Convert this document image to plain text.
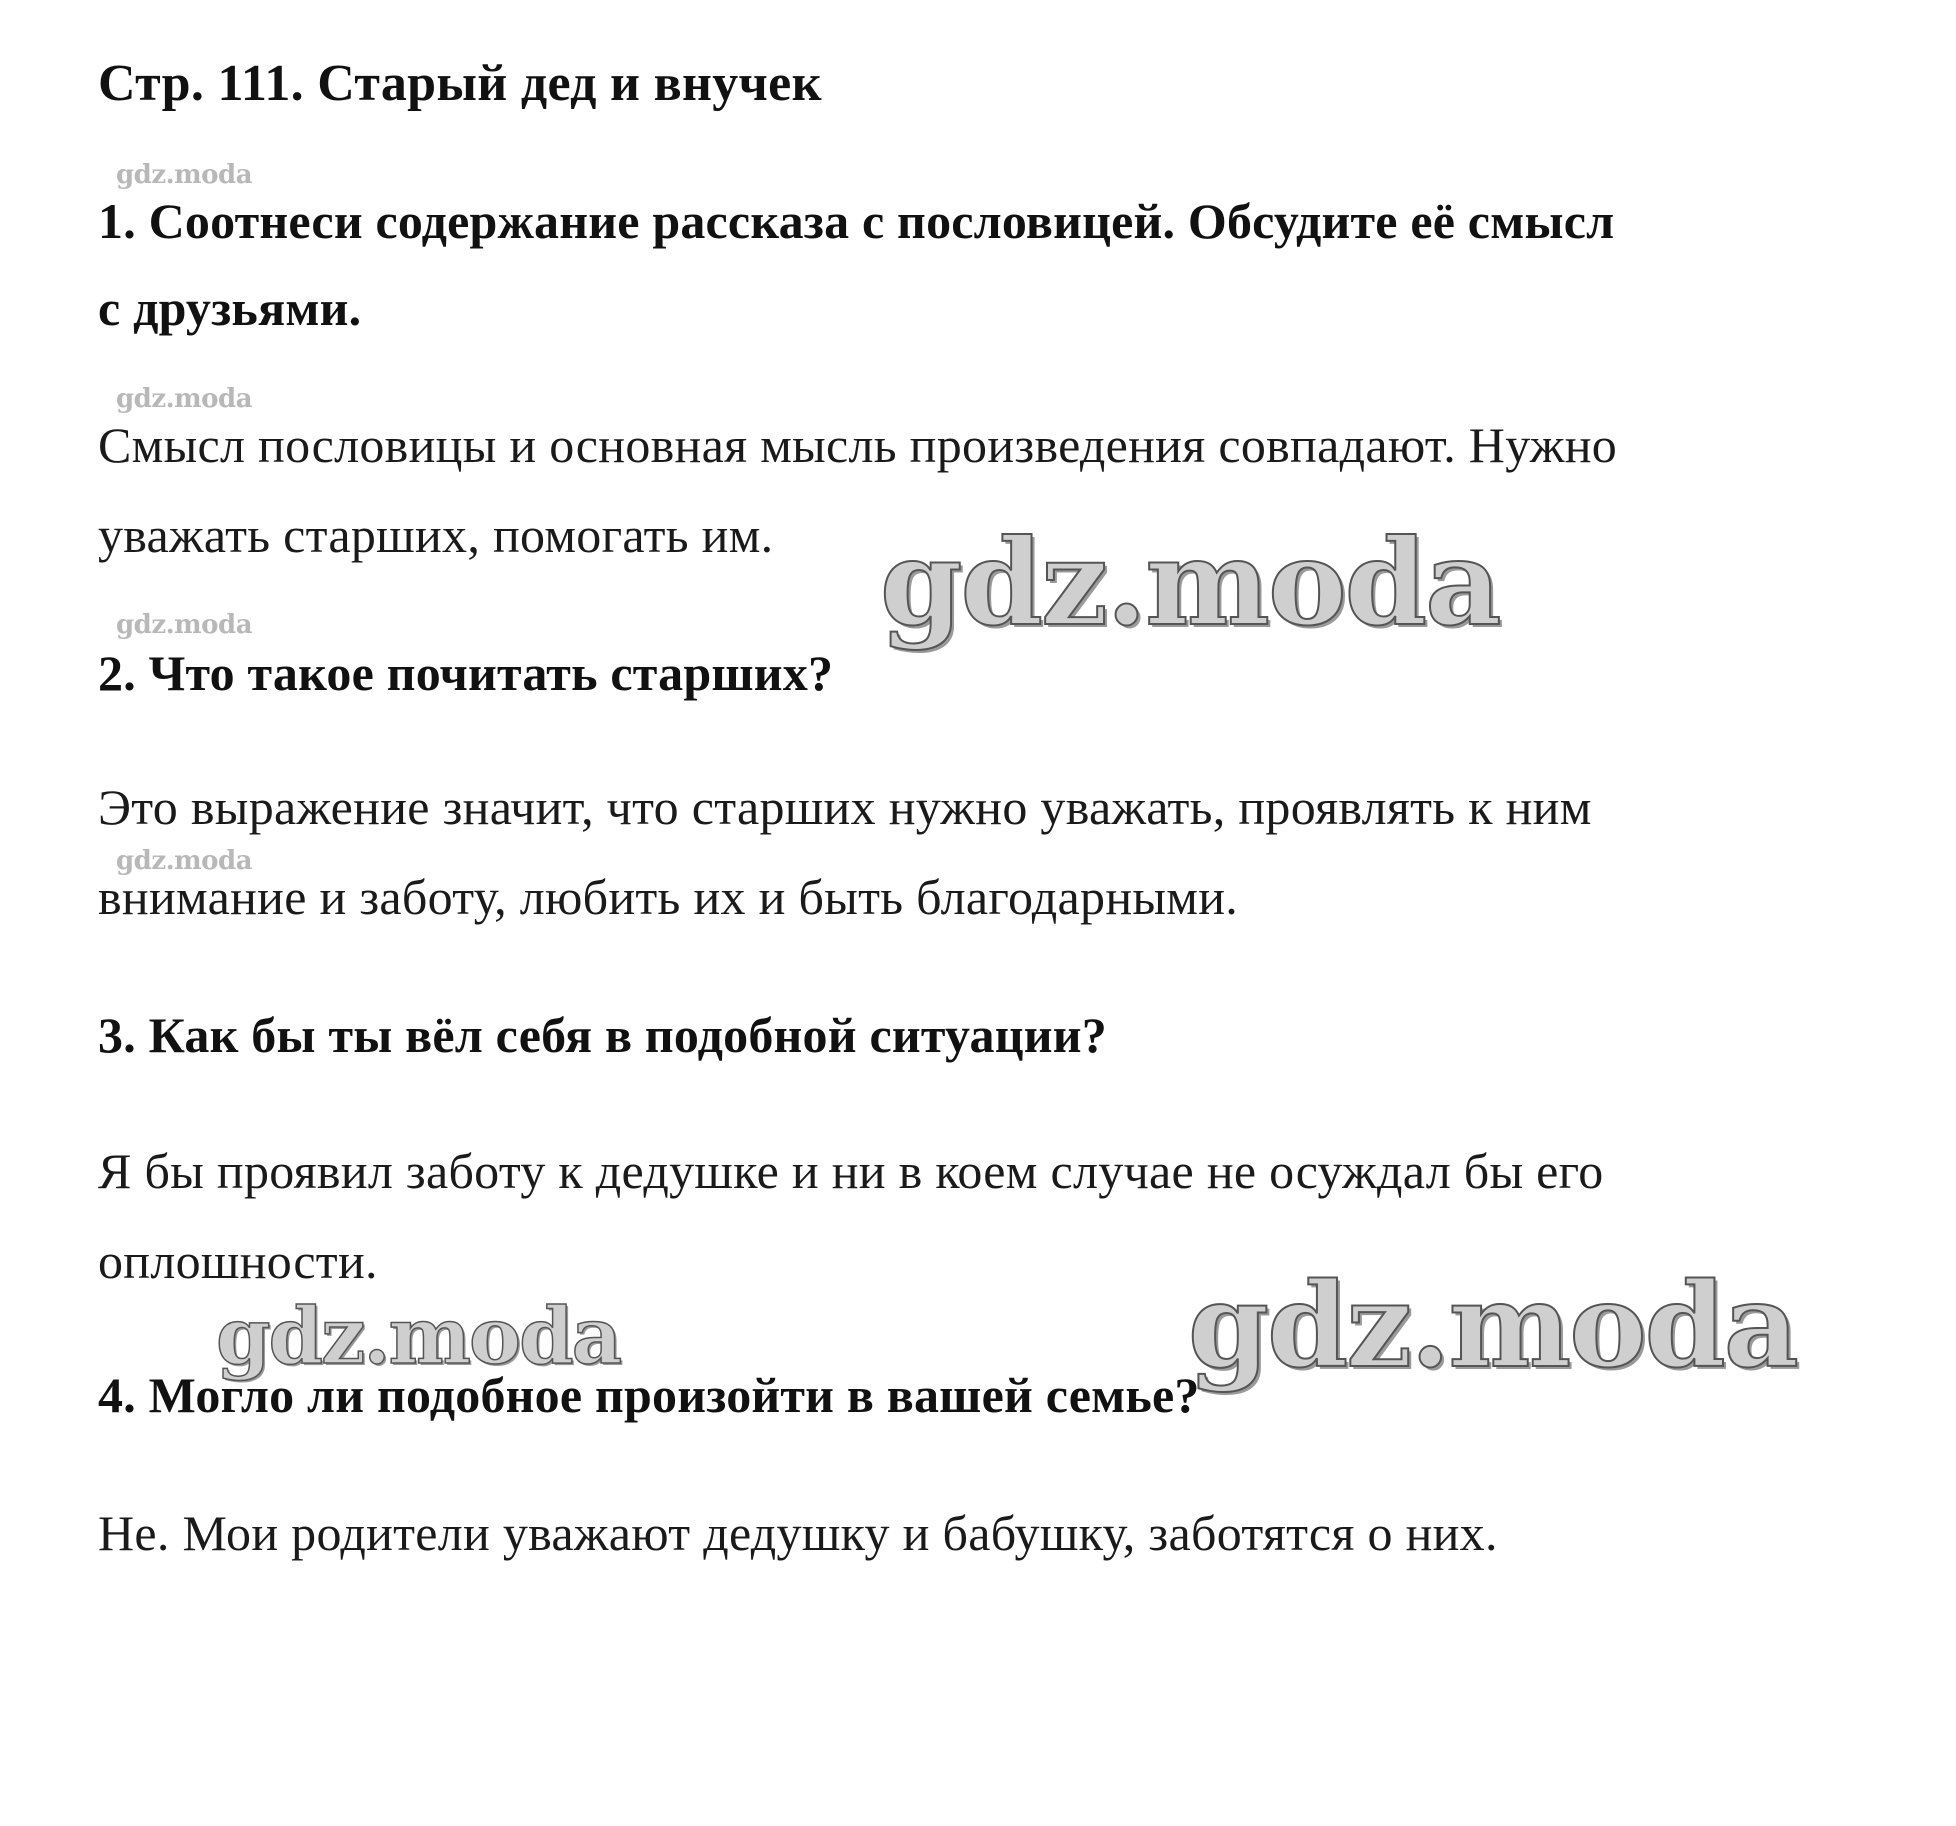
Стр. 111. Старый дед и внучек
gdz.moda
1. Соотнеси содержание рассказа с пословицей. Обсудите её смысл
с друзьями.
gdz.moda
Смысл пословицы и основная мысль произведения совпадают. Нужно
уважать старших, помогать им. gdz.moda
gdz.moda
2. Что такое почитать старших?
Это выражение значит, что старших нужно уважать, проявлять к ним
gdz.moda
внимание и заботу, любить их и быть благодарными.
3. Как бы ты вёл себя в подобной ситуации?
Я бы проявил заботу к дедушке и ни в коем случае не осуждал бы его
оплошности.	gdz.moda
gdz.moda
4. Могло ли подобное произойти в вашей семье?
Не. Мои родители уважают дедушку и бабушку, заботятся о них.
